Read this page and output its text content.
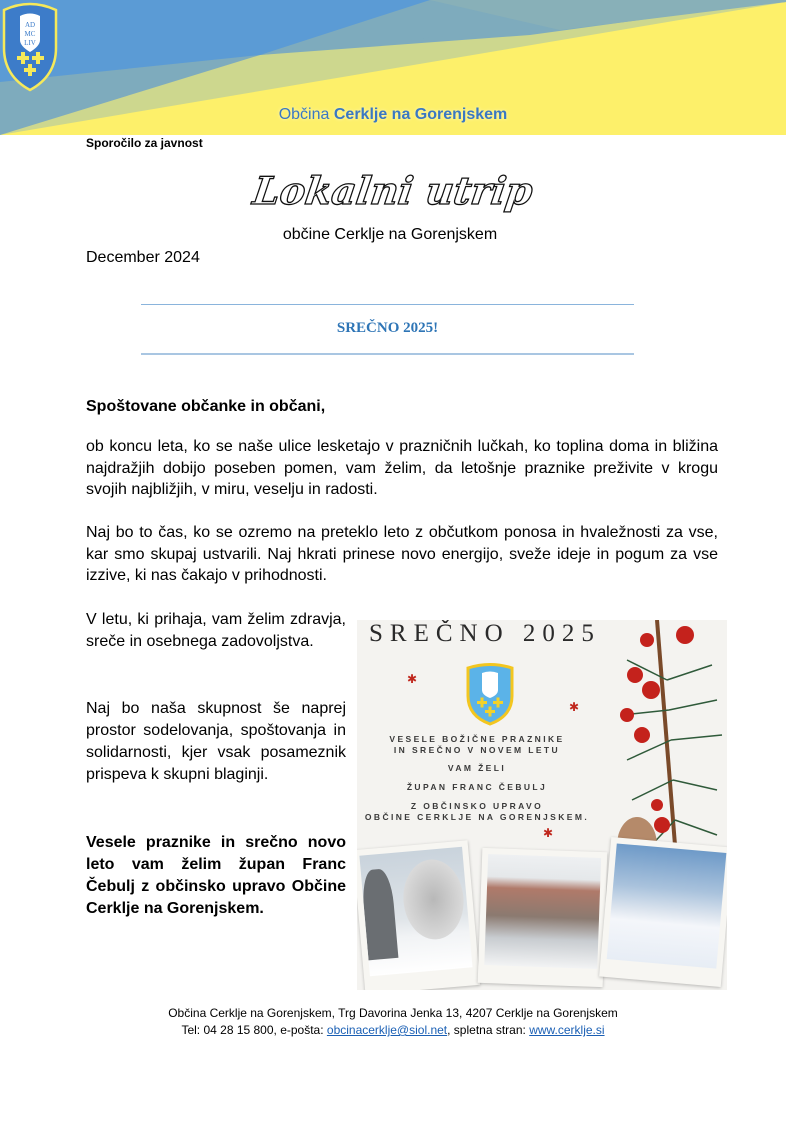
AD
MC
LIV
Občina Cerklje na Gorenjskem
Sporočilo za javnost
Lokalni utrip
občine Cerklje na Gorenjskem
December 2024
SREČNO 2025!
Spoštovane občanke in občani,
ob koncu leta, ko se naše ulice lesketajo v prazničnih lučkah, ko toplina doma in bližina najdražjih dobijo poseben pomen, vam želim, da letošnje praznike preživite v krogu svojih najbližjih, v miru, veselju in radosti.
Naj bo to čas, ko se ozremo na preteklo leto z občutkom ponosa in hvaležnosti za vse, kar smo skupaj ustvarili. Naj hkrati prinese novo energijo, sveže ideje in pogum za vse izzive, ki nas čakajo v prihodnosti.
V letu, ki prihaja, vam želim zdravja, sreče in osebnega zadovoljstva.
Naj bo naša skupnost še naprej prostor sodelovanja, spoštovanja in solidarnosti, kjer vsak posameznik prispeva k skupni blaginji.
Vesele praznike in srečno novo leto vam želim župan Franc Čebulj z občinsko upravo Občine Cerklje na Gorenjskem.
SREČNO 2025
✱
✱
✱
VESELE BOŽIČNE PRAZNIKE
IN SREČNO V NOVEM LETU
VAM ŽELI
ŽUPAN FRANC ČEBULJ
Z OBČINSKO UPRAVO
OBČINE CERKLJE NA GORENJSKEM.
Občina Cerklje na Gorenjskem, Trg Davorina Jenka 13, 4207 Cerklje na Gorenjskem
Tel: 04 28 15 800, e-pošta: obcinacerklje@siol.net, spletna stran: www.cerklje.si
